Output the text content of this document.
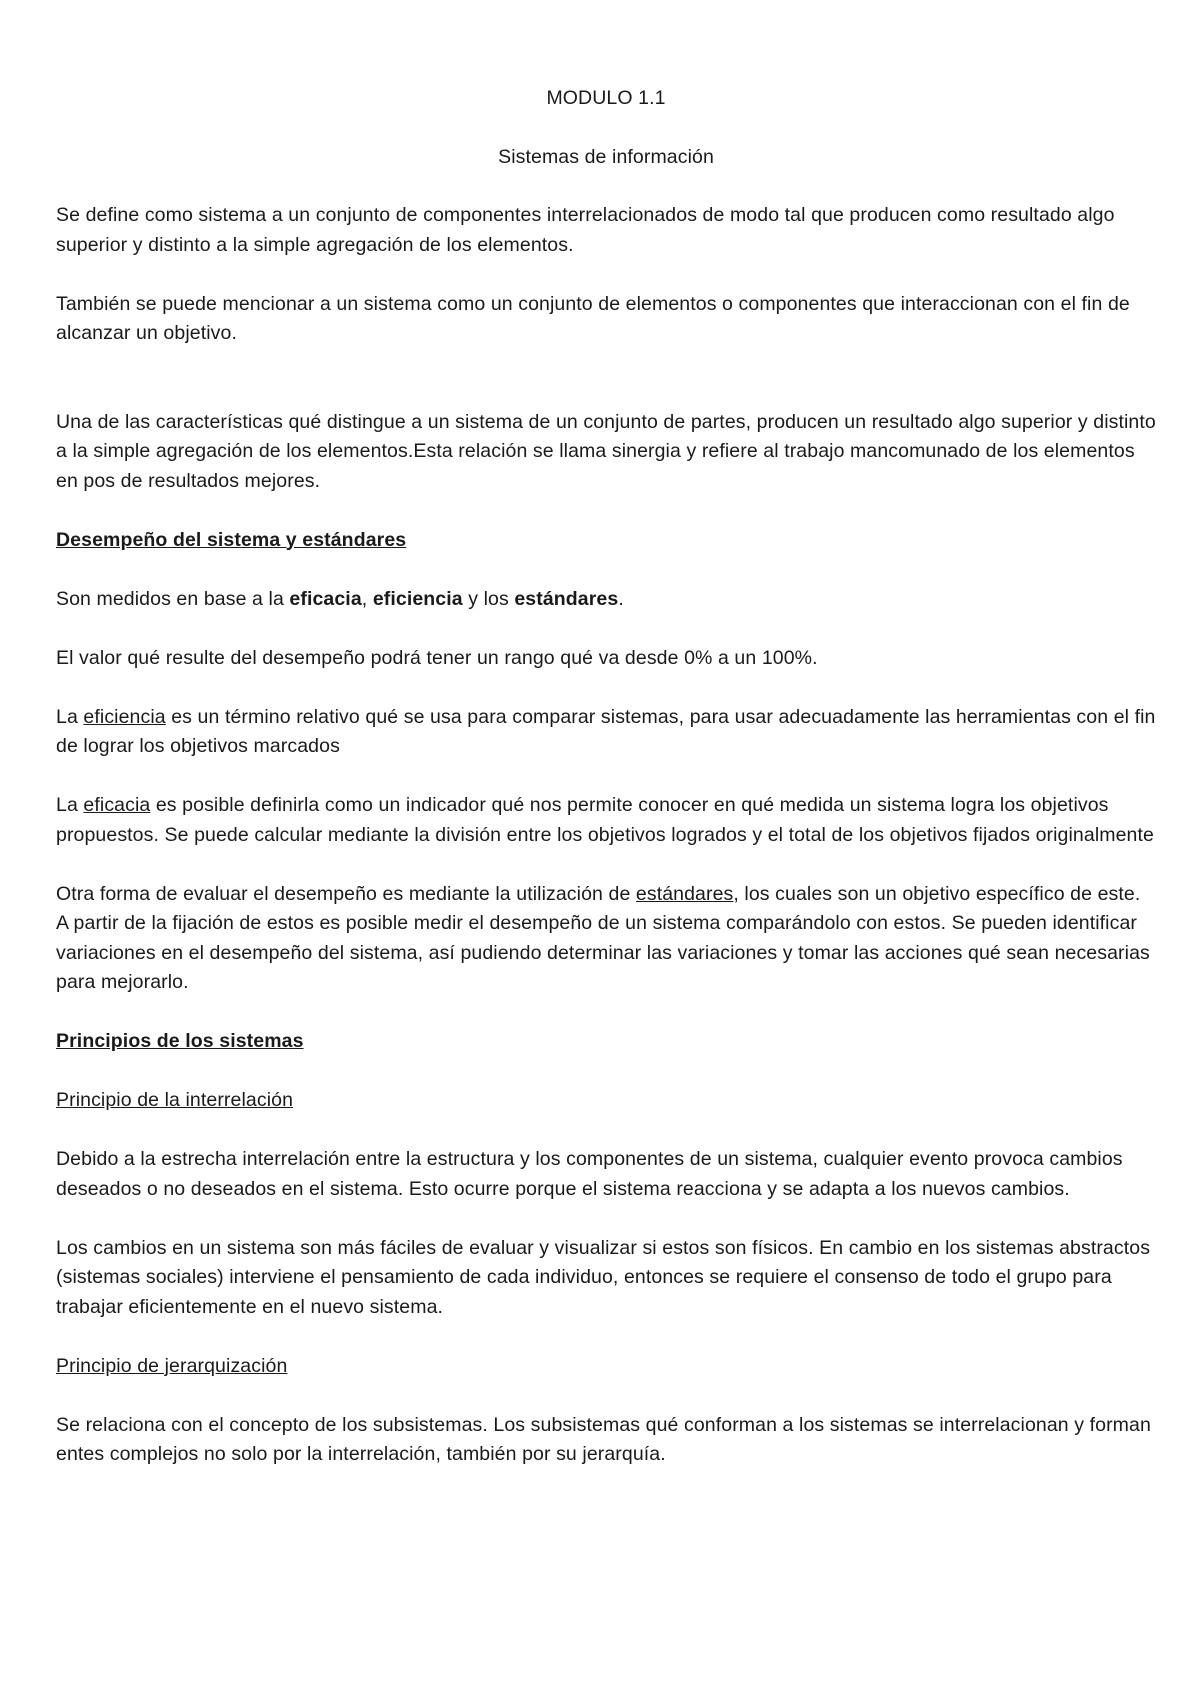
MODULO 1.1
Sistemas de información

Se define como sistema a un conjunto de componentes interrelacionados de modo tal que producen como resultado algo superior y distinto a la simple agregación de los elementos.

También se puede mencionar a un sistema como un conjunto de elementos o componentes que interaccionan con el fin de alcanzar un objetivo.

Una de las características qué distingue a un sistema de un conjunto de partes, producen un resultado algo superior y distinto a la simple agregación de los elementos.Esta relación se llama sinergia y refiere al trabajo mancomunado de los elementos en pos de resultados mejores.

Desempeño del sistema y estándares

Son medidos en base a la eficacia, eficiencia y los estándares.

El valor qué resulte del desempeño podrá tener un rango qué va desde 0% a un 100%.

La eficiencia es un término relativo qué se usa para comparar sistemas, para usar adecuadamente las herramientas con el fin de lograr los objetivos marcados

La eficacia es posible definirla como un indicador qué nos permite conocer en qué medida un sistema logra los objetivos propuestos. Se puede calcular mediante la división entre los objetivos logrados y el total de los objetivos fijados originalmente

Otra forma de evaluar el desempeño es mediante la utilización de estándares, los cuales son un objetivo específico de este. A partir de la fijación de estos es posible medir el desempeño de un sistema comparándolo con estos. Se pueden identificar variaciones en el desempeño del sistema, así pudiendo determinar las variaciones y tomar las acciones qué sean necesarias para mejorarlo.

Principios de los sistemas
Principio de la interrelación

Debido a la estrecha interrelación entre la estructura y los componentes de un sistema, cualquier evento provoca cambios deseados o no deseados en el sistema. Esto ocurre porque el sistema reacciona y se adapta a los nuevos cambios.

Los cambios en un sistema son más fáciles de evaluar y visualizar si estos son físicos. En cambio en los sistemas abstractos (sistemas sociales) interviene el pensamiento de cada individuo, entonces se requiere el consenso de todo el grupo para trabajar eficientemente en el nuevo sistema.

Principio de jerarquización

Se relaciona con el concepto de los subsistemas. Los subsistemas qué conforman a los sistemas se interrelacionan y forman entes complejos no solo por la interrelación, también por su jerarquía.
